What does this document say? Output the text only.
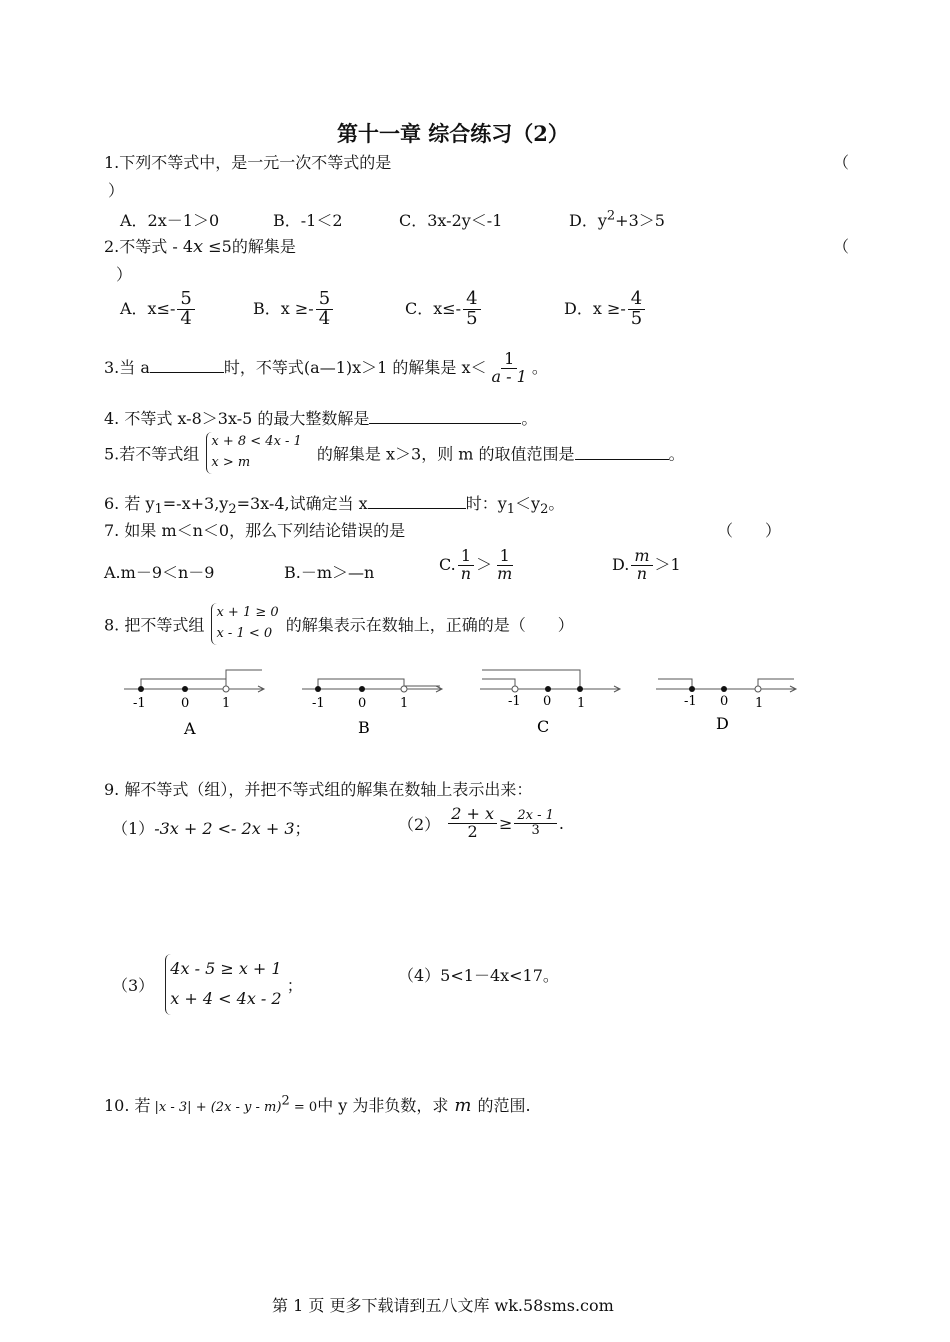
第十一章 综合练习（2）
1.下列不等式中，是一元一次不等式的是	（
）
A．2x－1＞0	B．-1＜2	C．3x-2y＜-1	D．$y^2+3>5$
2.不等式 - 4x ≤5的解集是	（
）
A．$x\le- \frac{5}{4}$	B．$x \ge- \frac{5}{4}$	C．$x\le- \frac{4}{5}$	D．$x \ge- \frac{4}{5}$
3.当 a	时，不等式(a—1)x＞1 的解集是 $x< \frac{1}{a - 1}$ 。
4. 不等式 x-8＞3x-5 的最大整数解是	。
5.若不等式组
x + 8 < 4x - 1
x > m	的解集是 x＞3，则 m 的取值范围是	。
6. 若 $y_1=-x+3,y_2=3x-4$,试确定当 x	时：$y_1<y_2$。
7. 如果 m＜n＜0，那么下列结论错误的是	（　　）
A.m－9＜n－9	B.－m＞—n	C. $\frac{1}{n} > \frac{1}{m}$	D. $\frac{m}{n} >1$
8. 把不等式组
x + 1 ≥ 0
x - 1 < 0 的解集表示在数轴上，正确的是（　　）
-1	0	1
A
-1	0	1
B
-1 0 1
C
-1 0 1
D
9. 解不等式（组），并把不等式组的解集在数轴上表示出来：
（1）-3x + 2 <- 2x + 3；	$(2) \frac{2 + x}{2} \ge \frac{2x - 1}{3}$ .
（3）
4x - 5 ≥ x + 1
x + 4 < 4x - 2
；
（4）5<1－4x<17。
10. 若 |x - 3| + (2x - y - m)$^2$ = 0中 y 为非负数，求 m 的范围.
第 1 页 更多下载请到五八文库 wk.58sms.com
